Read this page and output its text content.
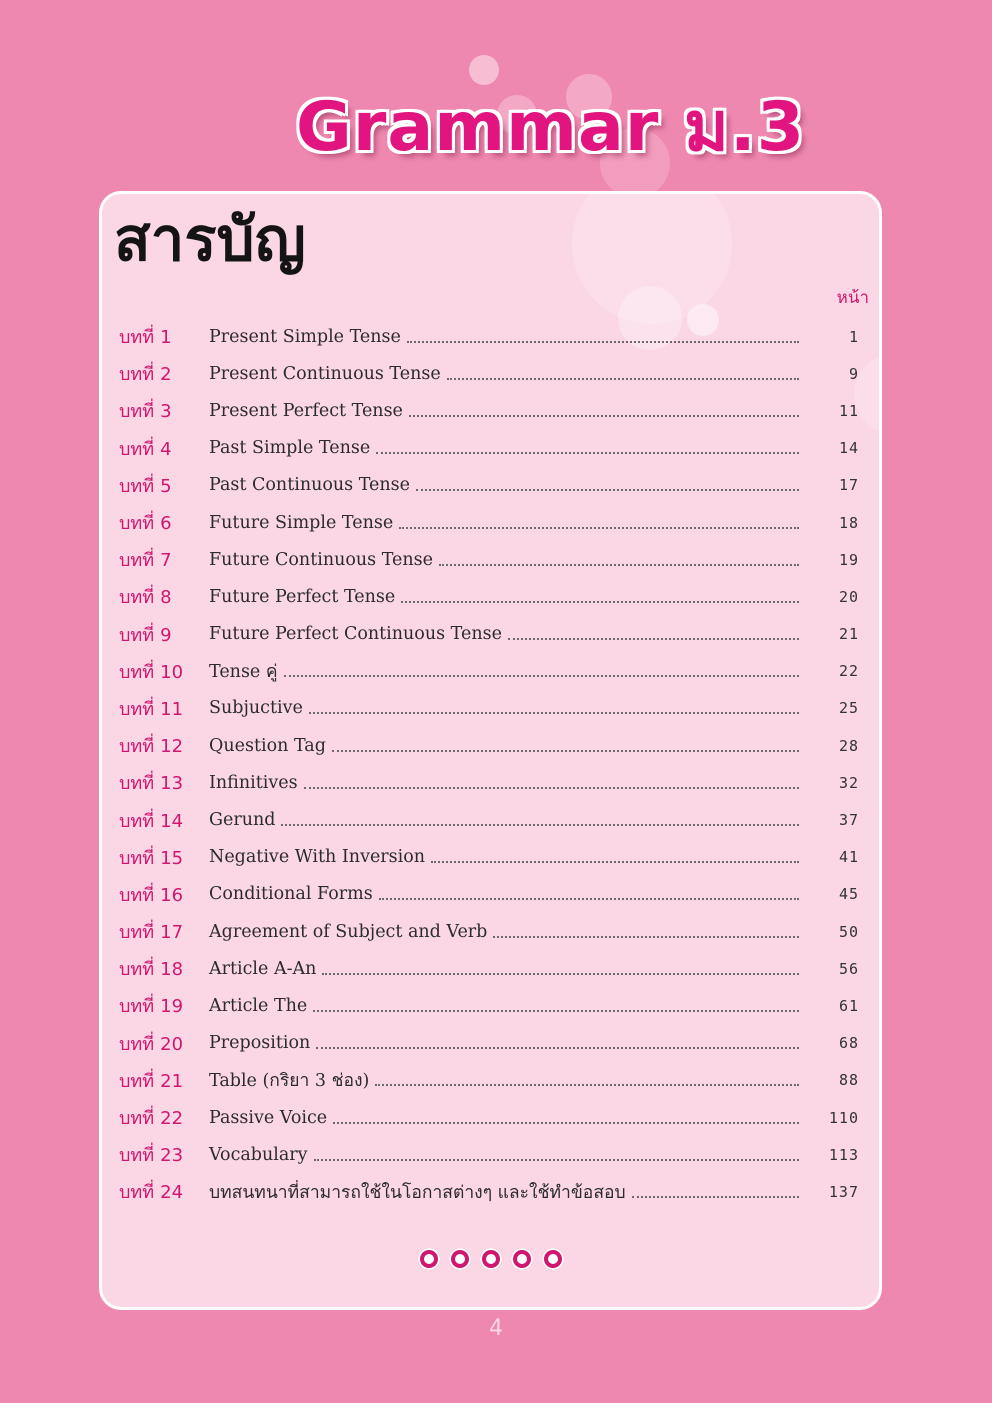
Grammar ม.3
สารบัญ
หน้า
บทที่ 1	Present Simple Tense	1
บทที่ 2	Present Continuous Tense	9
บทที่ 3	Present Perfect Tense	11
บทที่ 4	Past Simple Tense	14
บทที่ 5	Past Continuous Tense	17
บทที่ 6	Future Simple Tense	18
บทที่ 7	Future Continuous Tense	19
บทที่ 8	Future Perfect Tense	20
บทที่ 9	Future Perfect Continuous Tense	21
บทที่ 10	Tense คู่	22
บทที่ 11	Subjuctive	25
บทที่ 12	Question Tag	28
บทที่ 13	Infinitives	32
บทที่ 14	Gerund	37
บทที่ 15	Negative With Inversion	41
บทที่ 16	Conditional Forms	45
บทที่ 17	Agreement of Subject and Verb	50
บทที่ 18	Article A-An	56
บทที่ 19	Article The	61
บทที่ 20	Preposition	68
บทที่ 21	Table (กริยา 3 ช่อง)	88
บทที่ 22	Passive Voice	110
บทที่ 23	Vocabulary	113
บทที่ 24	บทสนทนาที่สามารถใช้ในโอกาสต่างๆ และใช้ทำข้อสอบ	137
4
